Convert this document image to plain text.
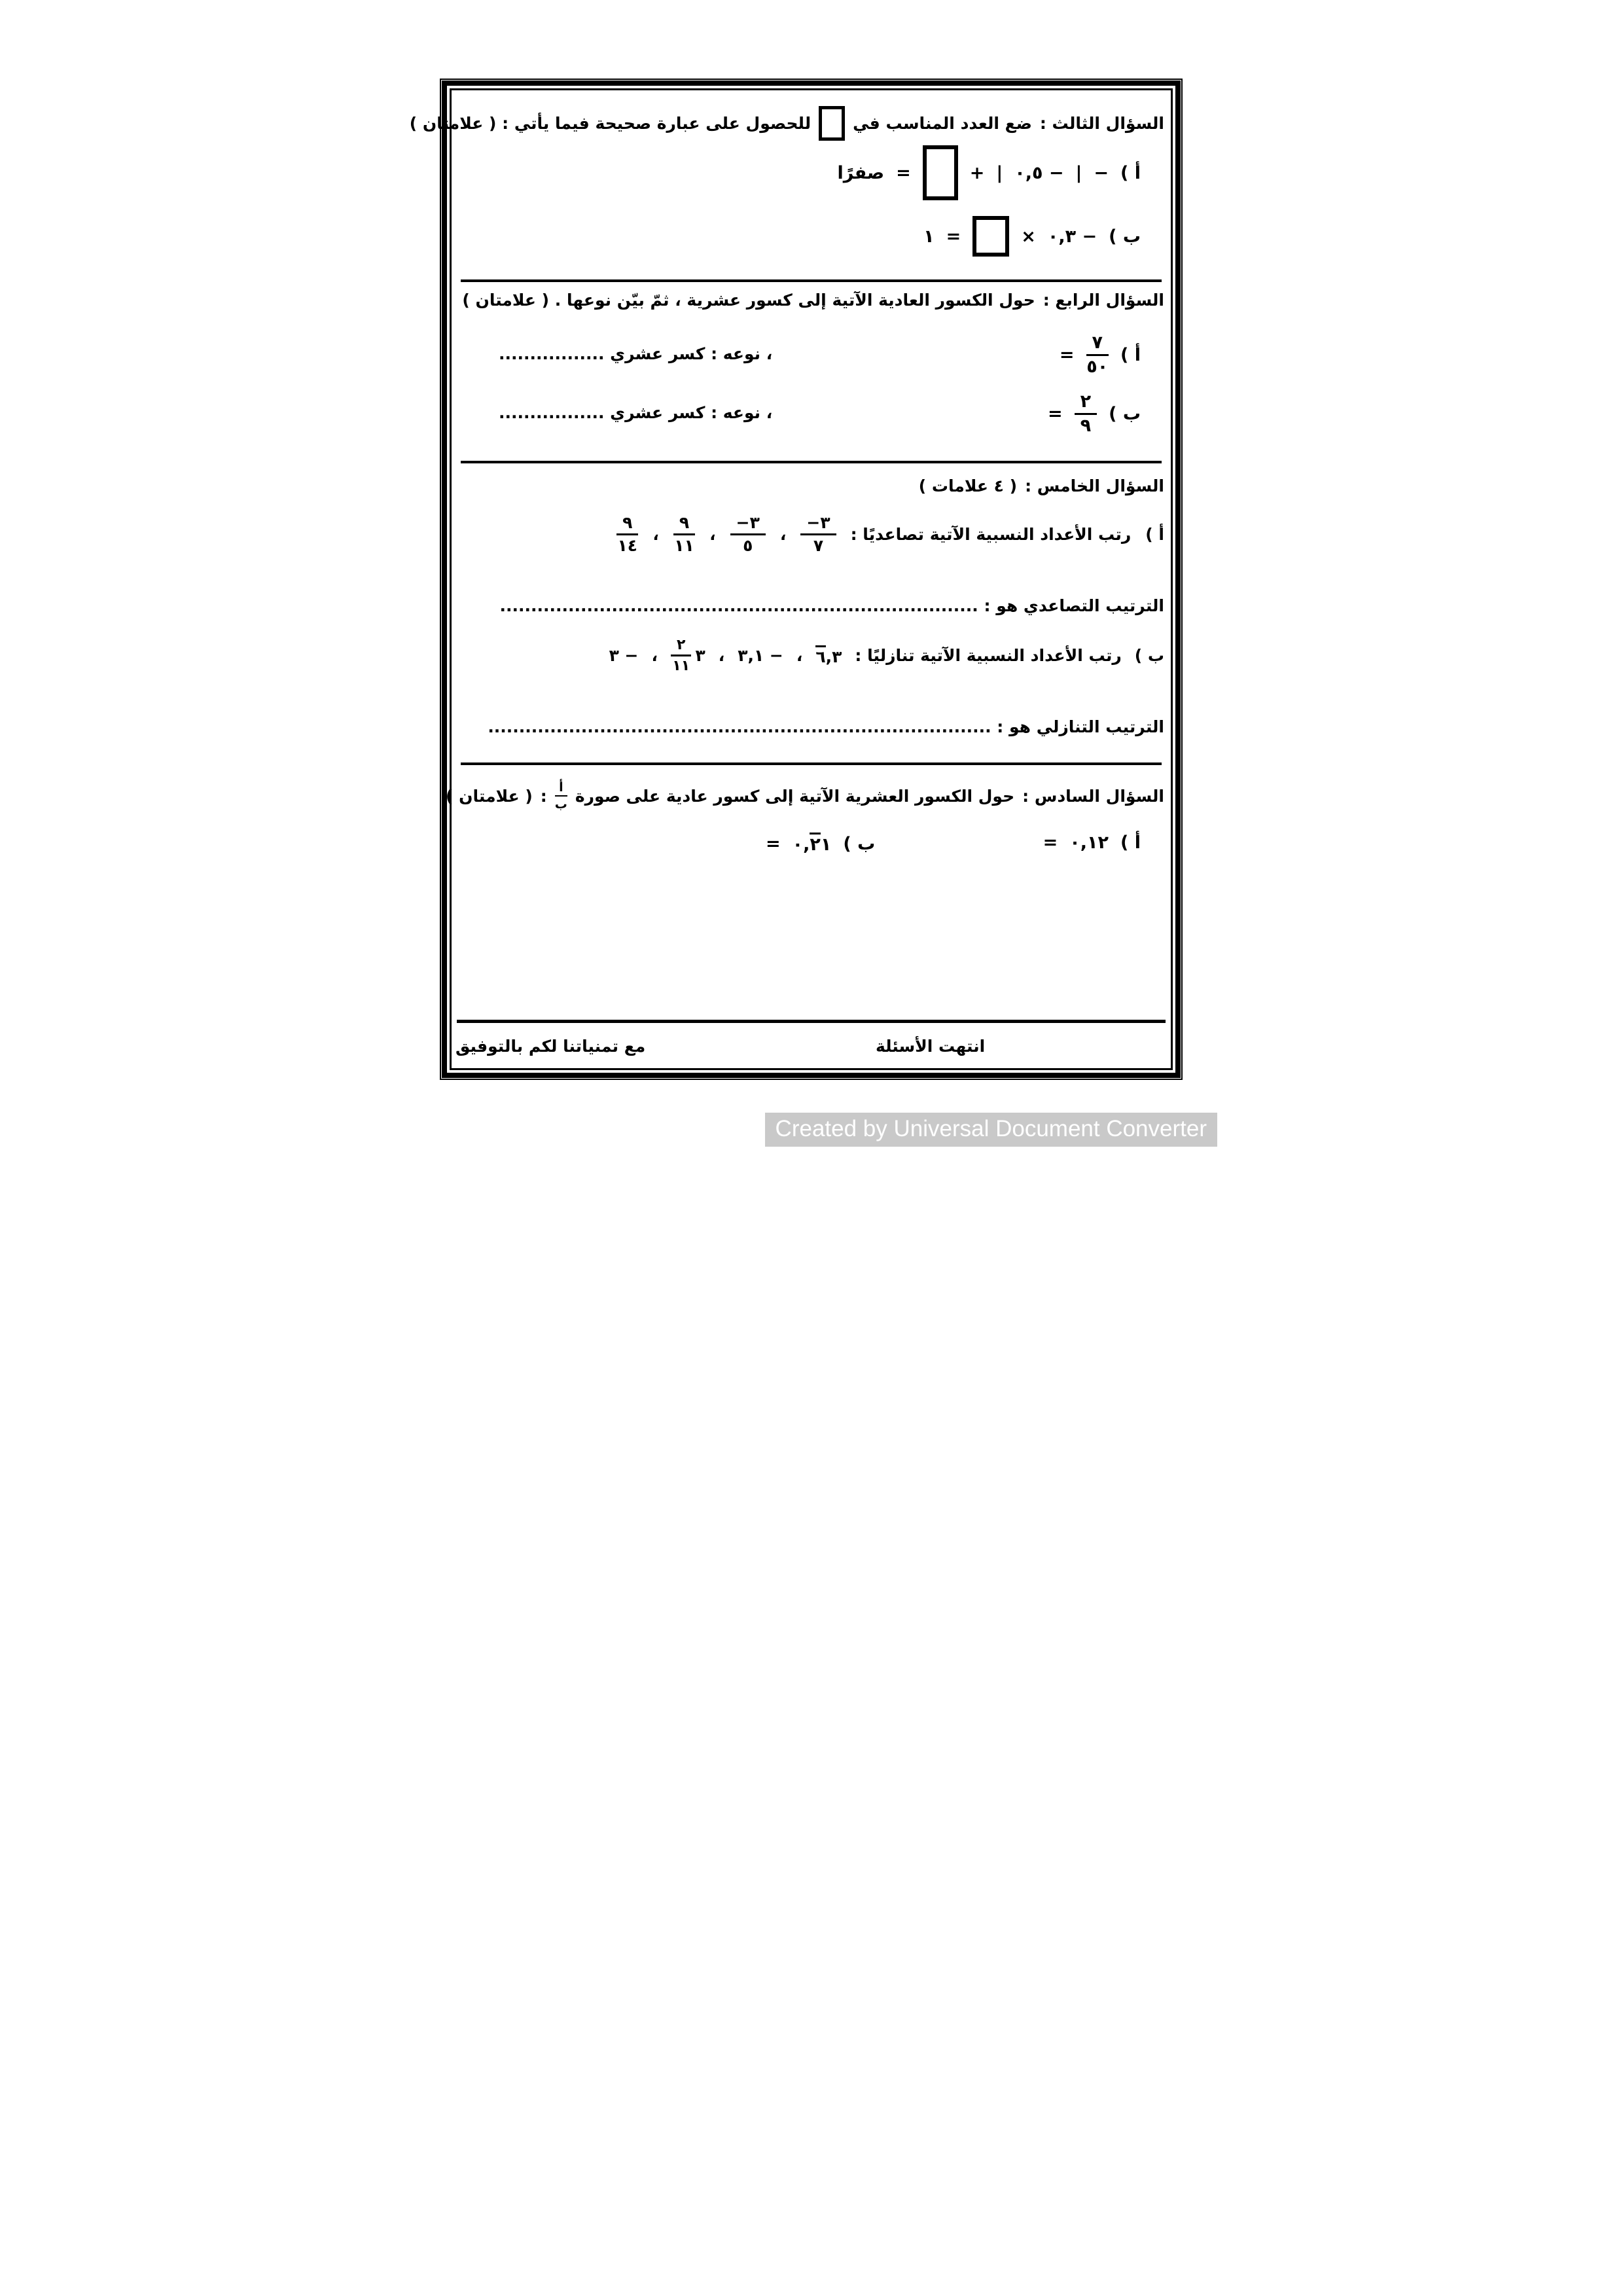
السؤال الثالث :
ضع العدد المناسب في
للحصول على عبارة صحيحة فيما يأتي : ( علامتان )
أ )
−
|
٠,٥ −
|
+
=
صفرًا
ب )
٠,٣ −
×
=
١
السؤال الرابع :
حول الكسور العادية الآتية إلى كسور عشرية ، ثمّ بيّن نوعها . ( علامتان )
أ )
$\frac{٧}{٥٠}$
=
، نوعه : كسر عشري .................
ب )
$\frac{٢}{٩}$
=
، نوعه : كسر عشري .................
السؤال الخامس :
( ٤ علامات )
أ )
رتب الأعداد النسبية الآتية تصاعديًا :
$\frac{-٣}{٧}$
،
$\frac{-٣}{٥}$
،
$\frac{٩}{١١}$
،
$\frac{٩}{١٤}$
الترتيب التصاعدي هو : .............................................................................
ب )
رتب الأعداد النسبية الآتية تنازليًا :
٦,٣
،
٣,١ −
،
٣
$\frac{٢}{١١}$
،
٣ −
الترتيب التنازلي هو : .................................................................................
السؤال السادس :
حول الكسور العشرية الآتية إلى كسور عادية على صورة
$\frac{\text{أ}}{\text{ب}}$
:
( علامتان )
أ )
٠,١٢
=
ب )
٠,٢١
=
انتهت الأسئلة
مع تمنياتنا لكم بالتوفيق
Created by Universal Document Converter
